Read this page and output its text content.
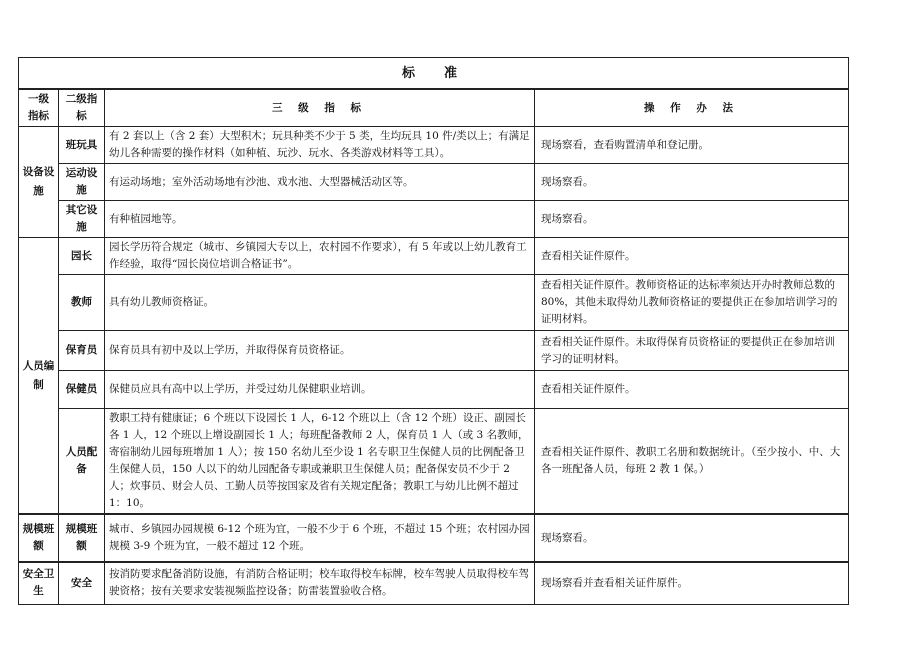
标　准			
一级指标	二级指标	三 级 指 标	操 作 办 法
设备设施	班玩具	有 2 套以上（含 2 套）大型积木；玩具种类不少于 5 类，生均玩具 10 件/类以上；有满足幼儿各种需要的操作材料（如种植、玩沙、玩水、各类游戏材料等工具）。	现场察看，查看购置清单和登记册。
	运动设施	有运动场地；室外活动场地有沙池、戏水池、大型器械活动区等。	现场察看。
	其它设施	有种植园地等。	现场察看。
人员编制	园长	园长学历符合规定（城市、乡镇园大专以上，农村园不作要求），有 5 年或以上幼儿教育工作经验，取得“园长岗位培训合格证书”。	查看相关证件原件。
	教师	具有幼儿教师资格证。	查看相关证件原件。教师资格证的达标率须达开办时教师总数的 80%，其他未取得幼儿教师资格证的要提供正在参加培训学习的证明材料。
	保育员	保育员具有初中及以上学历，并取得保育员资格证。	查看相关证件原件。未取得保育员资格证的要提供正在参加培训学习的证明材料。
	保健员	保健员应具有高中以上学历，并受过幼儿保健职业培训。	查看相关证件原件。
	人员配备	教职工持有健康证；6 个班以下设园长 1 人，6-12 个班以上（含 12 个班）设正、副园长各 1 人，12 个班以上增设副园长 1 人；每班配备教师 2 人，保育员 1 人（或 3 名教师，寄宿制幼儿园每班增加 1 人）；按 150 名幼儿至少设 1 名专职卫生保健人员的比例配备卫生保健人员，150 人以下的幼儿园配备专职或兼职卫生保健人员；配备保安员不少于 2 人；炊事员、财会人员、工勤人员等按国家及省有关规定配备；教职工与幼儿比例不超过 1：10。	查看相关证件原件、教职工名册和数据统计。（至少按小、中、大各一班配备人员，每班 2 教 1 保。）
规模班额	规模班额	城市、乡镇园办园规模 6-12 个班为宜，一般不少于 6 个班，不超过 15 个班；农村园办园规模 3-9 个班为宜，一般不超过 12 个班。	现场察看。
安全卫生	安全	按消防要求配备消防设施，有消防合格证明；校车取得校车标牌，校车驾驶人员取得校车驾驶资格；按有关要求安装视频监控设备；防雷装置验收合格。	现场察看并查看相关证件原件。
